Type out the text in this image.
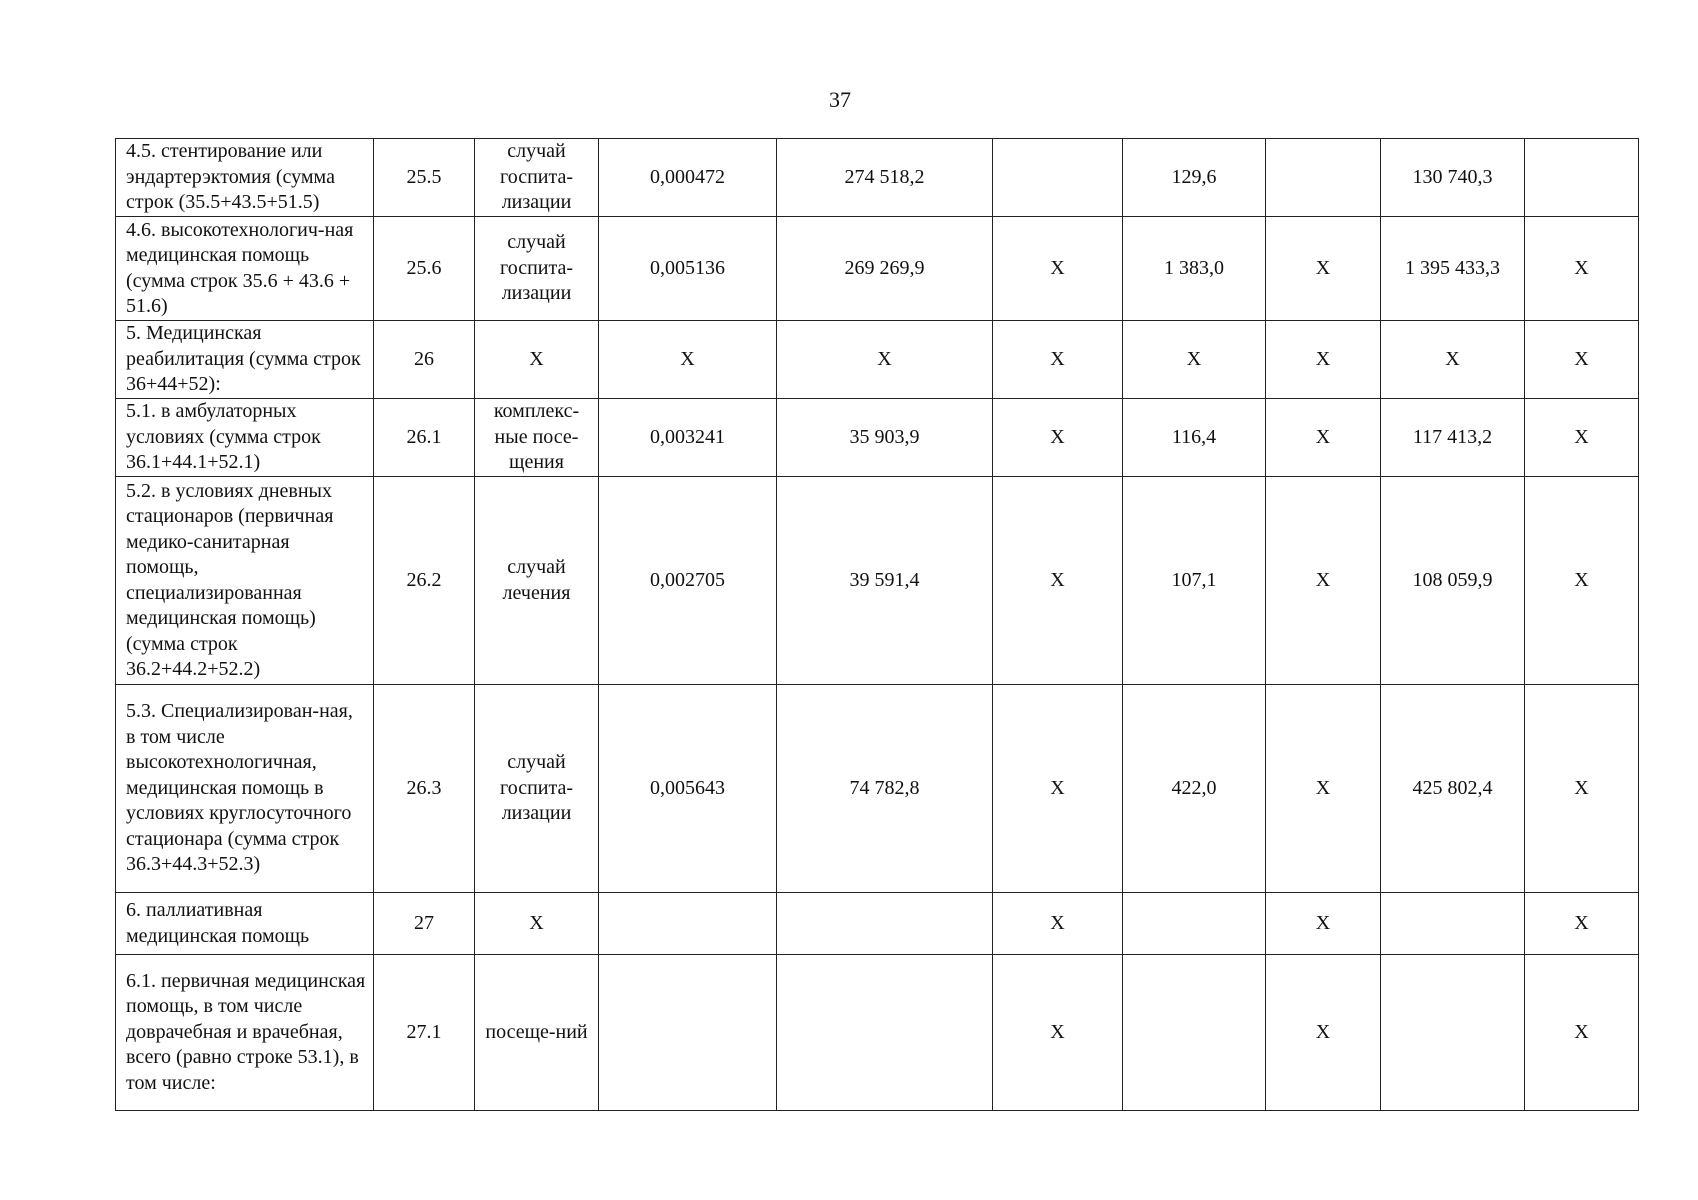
37
4.5. стентирование или эндартерэктомия (сумма строк (35.5+43.5+51.5)	25.5	случай госпита-лизации	0,000472	274 518,2		129,6		130 740,3	
4.6. высокотехнологич-ная медицинская помощь (сумма строк 35.6 + 43.6 + 51.6)	25.6	случай госпита-лизации	0,005136	269 269,9	X	1 383,0	X	1 395 433,3	X
5. Медицинская реабилитация (сумма строк 36+44+52):	26	X	X	X	X	X	X	X	X
5.1. в амбулаторных условиях (сумма строк 36.1+44.1+52.1)	26.1	комплекс-ные посе-щения	0,003241	35 903,9	X	116,4	X	117 413,2	X
5.2. в условиях дневных стационаров (первичная медико-санитарная помощь, специализированная медицинская помощь) (сумма строк 36.2+44.2+52.2)	26.2	случай лечения	0,002705	39 591,4	X	107,1	X	108 059,9	X
5.3. Специализирован-ная, в том числе высокотехнологичная, медицинская помощь в условиях круглосуточного стационара (сумма строк 36.3+44.3+52.3)	26.3	случай госпита-лизации	0,005643	74 782,8	X	422,0	X	425 802,4	X
6. паллиативная медицинская помощь	27	X			X		X		X
6.1. первичная медицинская помощь, в том числе доврачебная и врачебная, всего (равно строке 53.1), в том числе:	27.1	посеще-ний			X		X		X
